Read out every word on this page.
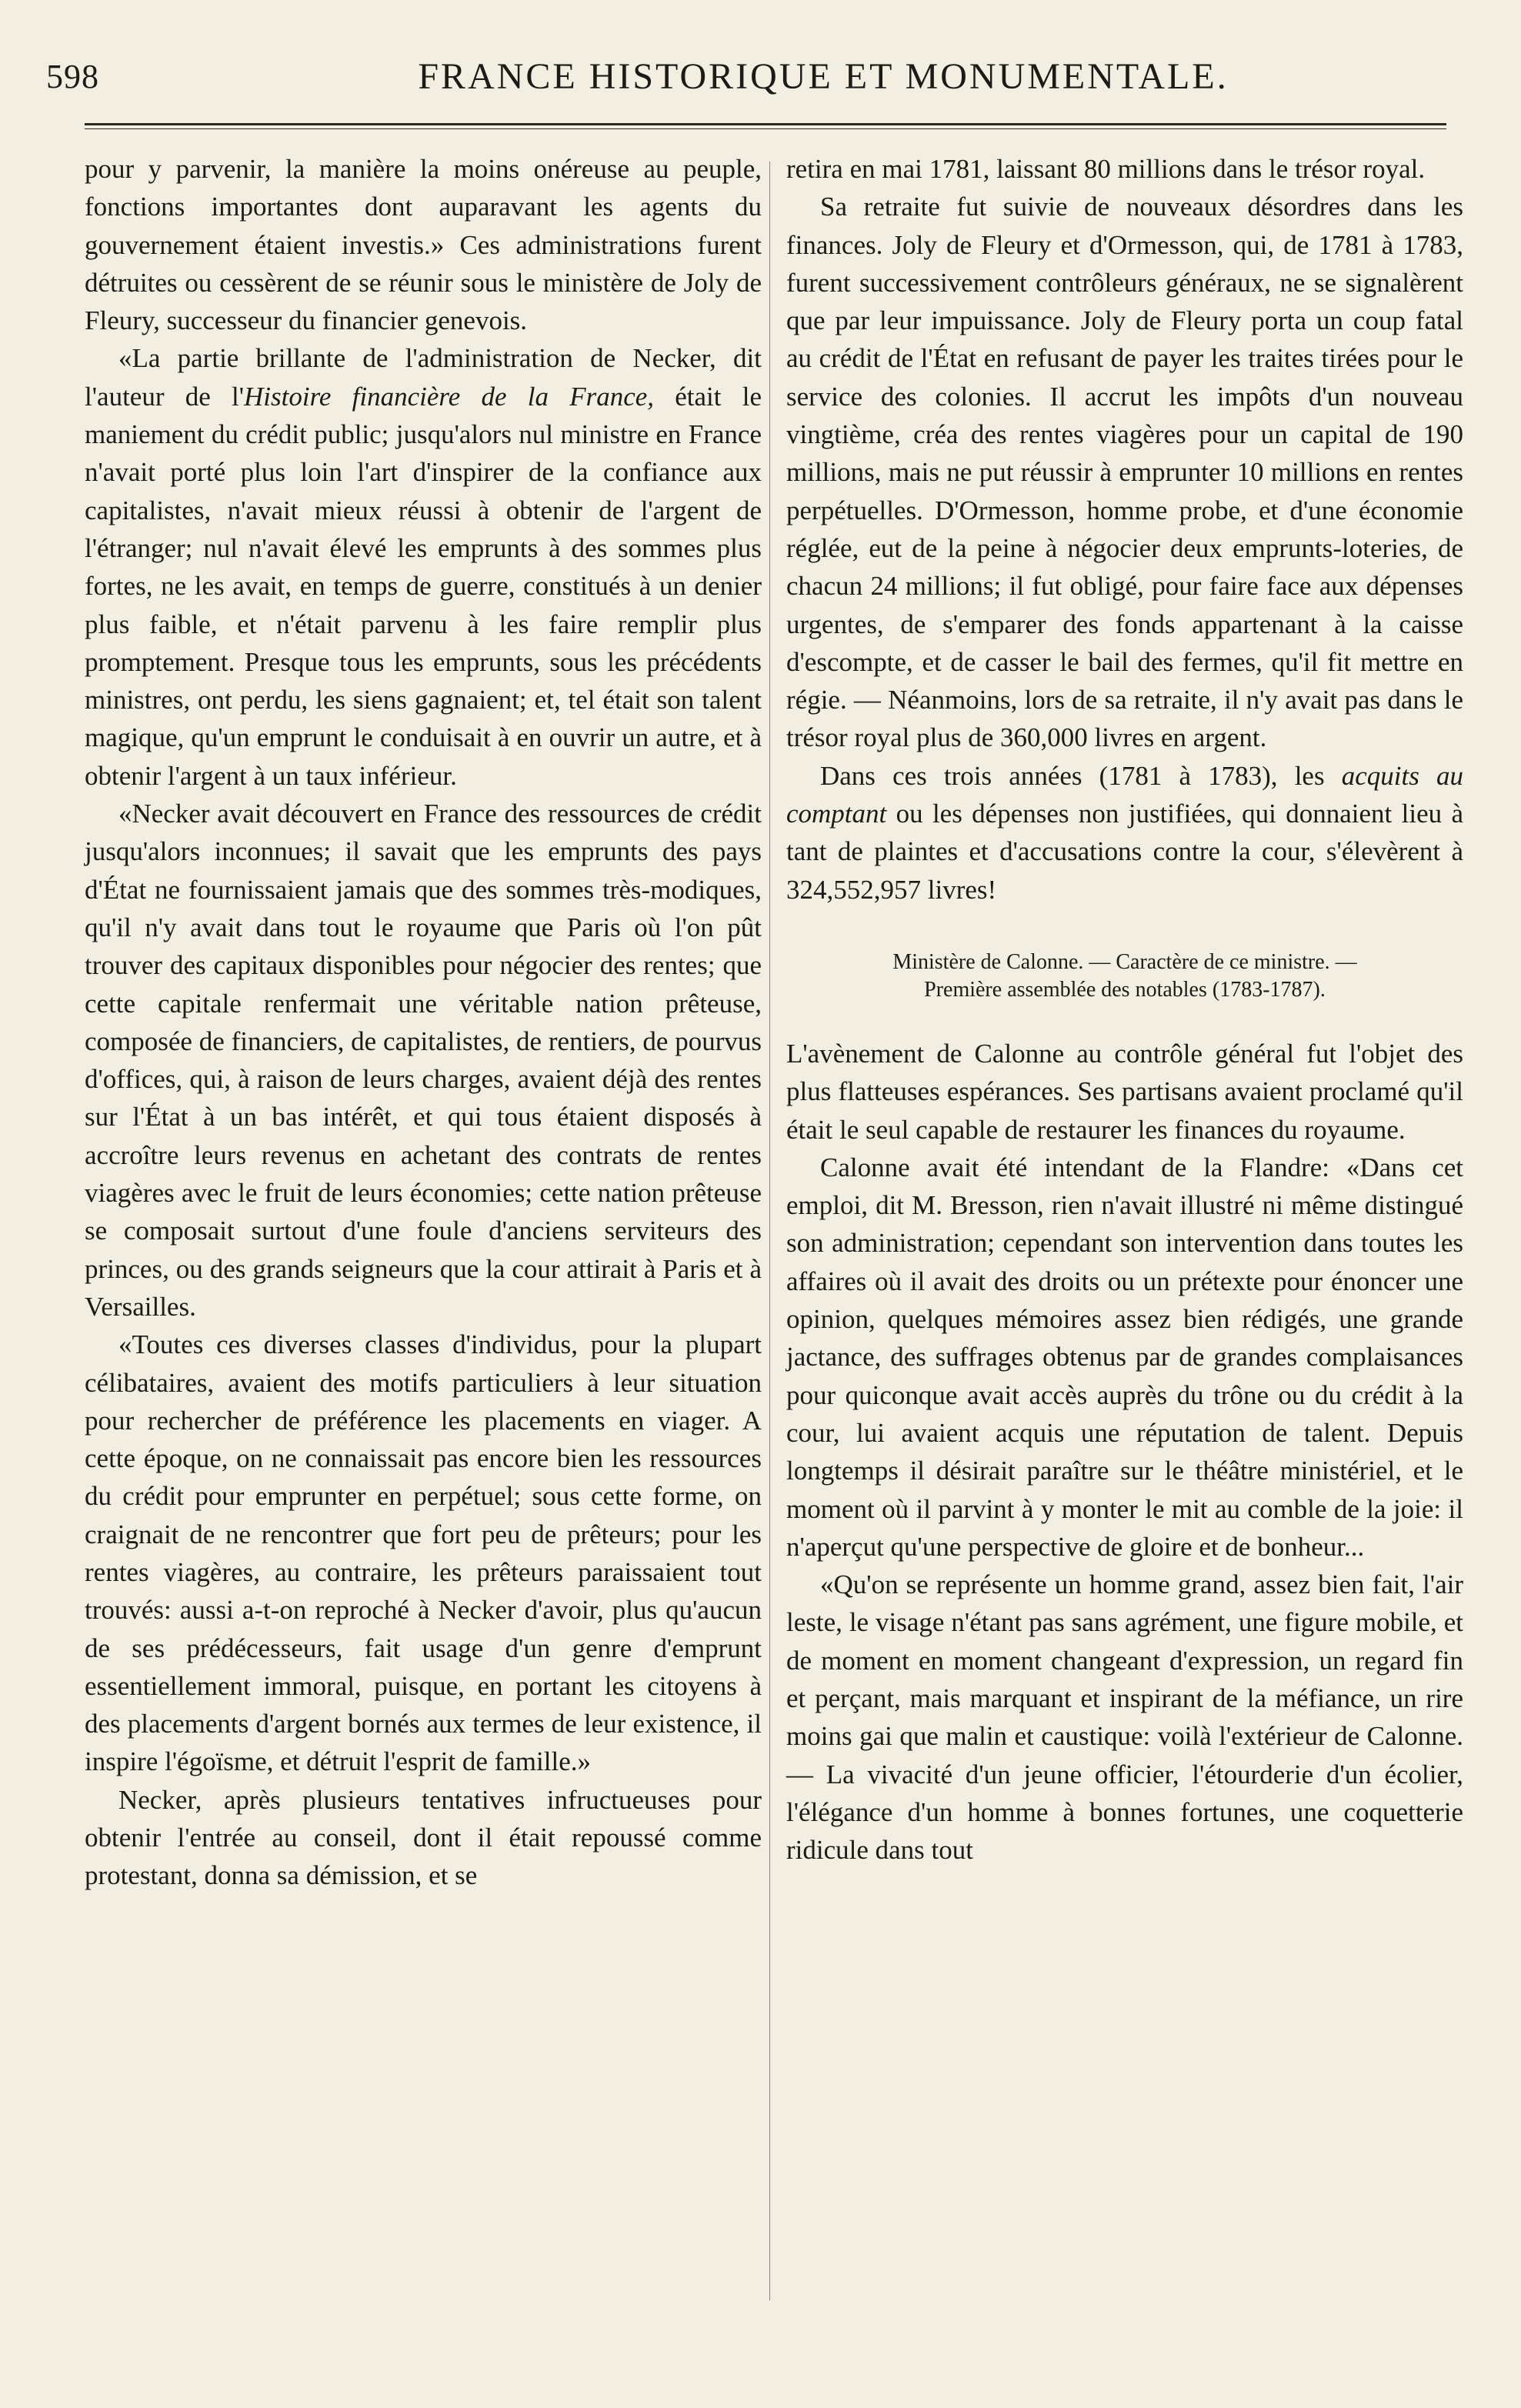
598	FRANCE HISTORIQUE ET MONUMENTALE.

pour y parvenir, la manière la moins onéreuse au peuple, fonctions importantes dont auparavant les agents du gouvernement étaient investis.» Ces administrations furent détruites ou cessèrent de se réunir sous le ministère de Joly de Fleury, successeur du financier genevois.

«La partie brillante de l'administration de Necker, dit l'auteur de l'Histoire financière de la France, était le maniement du crédit public; jusqu'alors nul ministre en France n'avait porté plus loin l'art d'inspirer de la confiance aux capitalistes, n'avait mieux réussi à obtenir de l'argent de l'étranger; nul n'avait élevé les emprunts à des sommes plus fortes, ne les avait, en temps de guerre, constitués à un denier plus faible, et n'était parvenu à les faire remplir plus promptement. Presque tous les emprunts, sous les précédents ministres, ont perdu, les siens gagnaient; et, tel était son talent magique, qu'un emprunt le conduisait à en ouvrir un autre, et à obtenir l'argent à un taux inférieur.

«Necker avait découvert en France des ressources de crédit jusqu'alors inconnues; il savait que les emprunts des pays d'État ne fournissaient jamais que des sommes très-modiques, qu'il n'y avait dans tout le royaume que Paris où l'on pût trouver des capitaux disponibles pour négocier des rentes; que cette capitale renfermait une véritable nation prêteuse, composée de financiers, de capitalistes, de rentiers, de pourvus d'offices, qui, à raison de leurs charges, avaient déjà des rentes sur l'État à un bas intérêt, et qui tous étaient disposés à accroître leurs revenus en achetant des contrats de rentes viagères avec le fruit de leurs économies; cette nation prêteuse se composait surtout d'une foule d'anciens serviteurs des princes, ou des grands seigneurs que la cour attirait à Paris et à Versailles.

«Toutes ces diverses classes d'individus, pour la plupart célibataires, avaient des motifs particuliers à leur situation pour rechercher de préférence les placements en viager. A cette époque, on ne connaissait pas encore bien les ressources du crédit pour emprunter en perpétuel; sous cette forme, on craignait de ne rencontrer que fort peu de prêteurs; pour les rentes viagères, au contraire, les prêteurs paraissaient tout trouvés: aussi a-t-on reproché à Necker d'avoir, plus qu'aucun de ses prédécesseurs, fait usage d'un genre d'emprunt essentiellement immoral, puisque, en portant les citoyens à des placements d'argent bornés aux termes de leur existence, il inspire l'égoïsme, et détruit l'esprit de famille.»

Necker, après plusieurs tentatives infructueuses pour obtenir l'entrée au conseil, dont il était repoussé comme protestant, donna sa démission, et se

retira en mai 1781, laissant 80 millions dans le trésor royal.

Sa retraite fut suivie de nouveaux désordres dans les finances. Joly de Fleury et d'Ormesson, qui, de 1781 à 1783, furent successivement contrôleurs généraux, ne se signalèrent que par leur impuissance. Joly de Fleury porta un coup fatal au crédit de l'État en refusant de payer les traites tirées pour le service des colonies. Il accrut les impôts d'un nouveau vingtième, créa des rentes viagères pour un capital de 190 millions, mais ne put réussir à emprunter 10 millions en rentes perpétuelles. D'Ormesson, homme probe, et d'une économie réglée, eut de la peine à négocier deux emprunts-loteries, de chacun 24 millions; il fut obligé, pour faire face aux dépenses urgentes, de s'emparer des fonds appartenant à la caisse d'escompte, et de casser le bail des fermes, qu'il fit mettre en régie. — Néanmoins, lors de sa retraite, il n'y avait pas dans le trésor royal plus de 360,000 livres en argent.

Dans ces trois années (1781 à 1783), les acquits au comptant ou les dépenses non justifiées, qui donnaient lieu à tant de plaintes et d'accusations contre la cour, s'élevèrent à 324,552,957 livres!

Ministère de Calonne. — Caractère de ce ministre. —
Première assemblée des notables (1783-1787).

L'avènement de Calonne au contrôle général fut l'objet des plus flatteuses espérances. Ses partisans avaient proclamé qu'il était le seul capable de restaurer les finances du royaume.

Calonne avait été intendant de la Flandre: «Dans cet emploi, dit M. Bresson, rien n'avait illustré ni même distingué son administration; cependant son intervention dans toutes les affaires où il avait des droits ou un prétexte pour énoncer une opinion, quelques mémoires assez bien rédigés, une grande jactance, des suffrages obtenus par de grandes complaisances pour quiconque avait accès auprès du trône ou du crédit à la cour, lui avaient acquis une réputation de talent. Depuis longtemps il désirait paraître sur le théâtre ministériel, et le moment où il parvint à y monter le mit au comble de la joie: il n'aperçut qu'une perspective de gloire et de bonheur...

«Qu'on se représente un homme grand, assez bien fait, l'air leste, le visage n'étant pas sans agrément, une figure mobile, et de moment en moment changeant d'expression, un regard fin et perçant, mais marquant et inspirant de la méfiance, un rire moins gai que malin et caustique: voilà l'extérieur de Calonne. — La vivacité d'un jeune officier, l'étourderie d'un écolier, l'élégance d'un homme à bonnes fortunes, une coquetterie ridicule dans tout
